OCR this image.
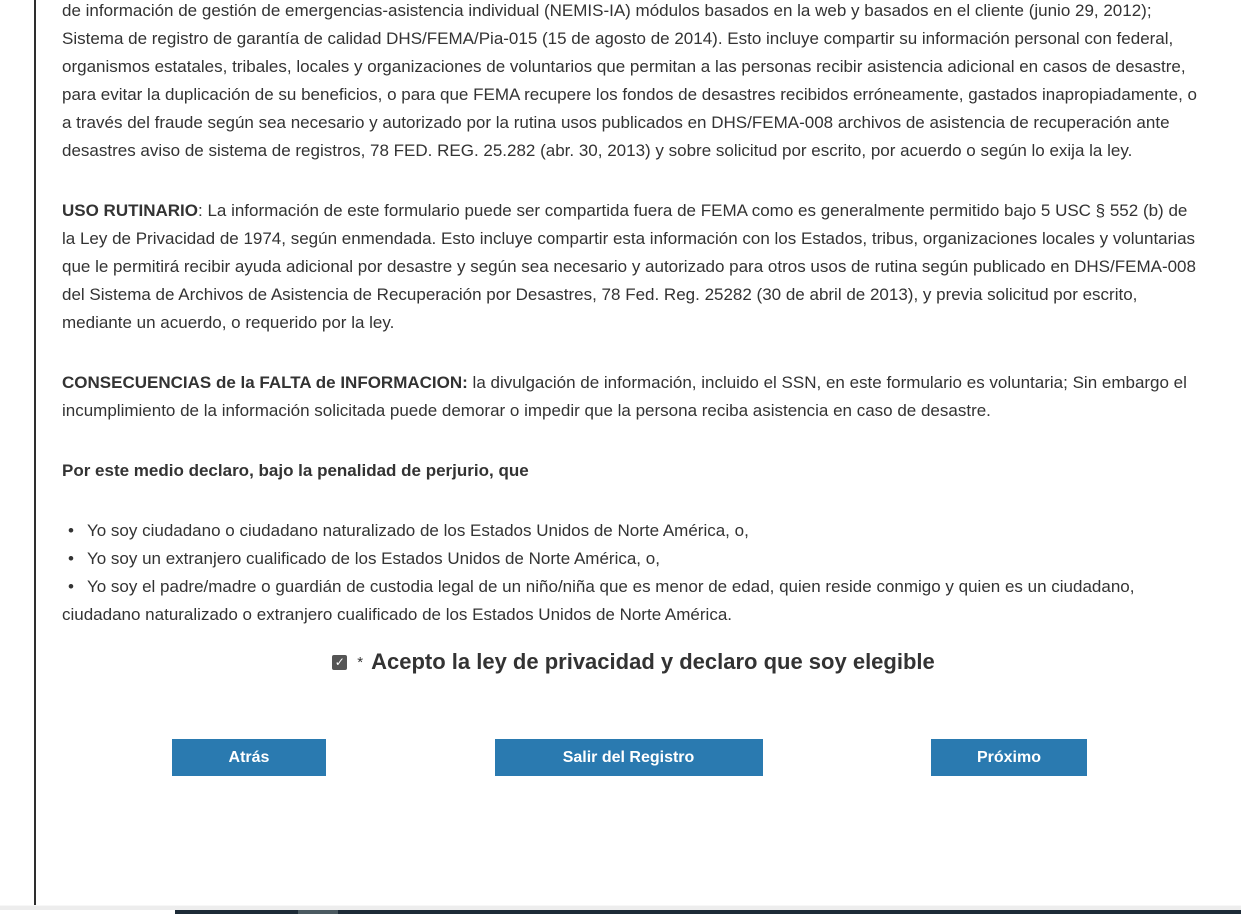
de información de gestión de emergencias-asistencia individual (NEMIS-IA) módulos basados en la web y basados en el cliente (junio 29, 2012); Sistema de registro de garantía de calidad DHS/FEMA/Pia-015 (15 de agosto de 2014). Esto incluye compartir su información personal con federal, organismos estatales, tribales, locales y organizaciones de voluntarios que permitan a las personas recibir asistencia adicional en casos de desastre, para evitar la duplicación de su beneficios, o para que FEMA recupere los fondos de desastres recibidos erróneamente, gastados inapropiadamente, o a través del fraude según sea necesario y autorizado por la rutina usos publicados en DHS/FEMA-008 archivos de asistencia de recuperación ante desastres aviso de sistema de registros, 78 FED. REG. 25.282 (abr. 30, 2013) y sobre solicitud por escrito, por acuerdo o según lo exija la ley.

USO RUTINARIO: La información de este formulario puede ser compartida fuera de FEMA como es generalmente permitido bajo 5 USC § 552 (b) de la Ley de Privacidad de 1974, según enmendada. Esto incluye compartir esta información con los Estados, tribus, organizaciones locales y voluntarias que le permitirá recibir ayuda adicional por desastre y según sea necesario y autorizado para otros usos de rutina según publicado en DHS/FEMA-008 del Sistema de Archivos de Asistencia de Recuperación por Desastres, 78 Fed. Reg. 25282 (30 de abril de 2013), y previa solicitud por escrito, mediante un acuerdo, o requerido por la ley.

CONSECUENCIAS de la FALTA de INFORMACION: la divulgación de información, incluido el SSN, en este formulario es voluntaria; Sin embargo el incumplimiento de la información solicitada puede demorar o impedir que la persona reciba asistencia en caso de desastre.

Por este medio declaro, bajo la penalidad de perjurio, que

• Yo soy ciudadano o ciudadano naturalizado de los Estados Unidos de Norte América, o,
• Yo soy un extranjero cualificado de los Estados Unidos de Norte América, o,
• Yo soy el padre/madre o guardián de custodia legal de un niño/niña que es menor de edad, quien reside conmigo y quien es un ciudadano, ciudadano naturalizado o extranjero cualificado de los Estados Unidos de Norte América.
✓ * Acepto la ley de privacidad y declaro que soy elegible
Atrás	Salir del Registro	Próximo
